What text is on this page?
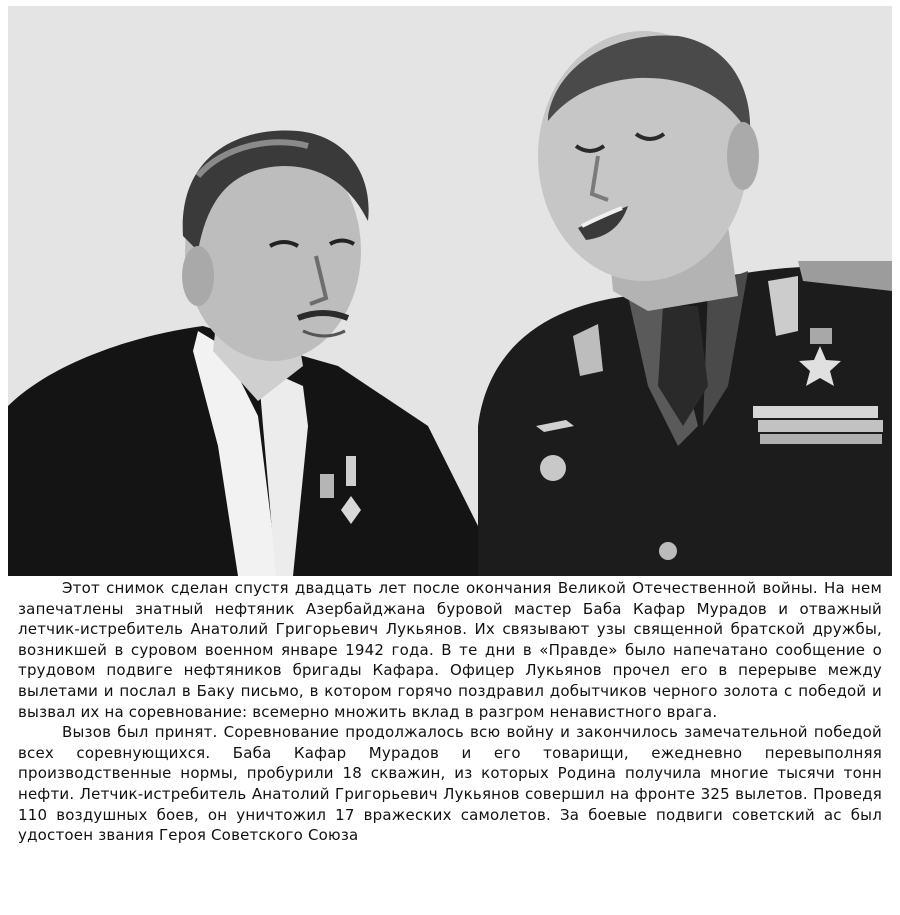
Этот снимок сделан спустя двадцать лет после окончания Великой Отечественной войны. На нем запечатлены знатный нефтяник Азербайджана буровой мастер Баба Кафар Мурадов и отважный летчик-истребитель Анатолий Григорьевич Лукьянов. Их связывают узы священной братской дружбы, возникшей в суровом военном январе 1942 года. В те дни в «Правде» было напечатано сообщение о трудовом подвиге нефтяников бригады Кафара. Офицер Лукьянов прочел его в перерыве между вылетами и послал в Баку письмо, в котором горячо поздравил добытчиков черного золота с победой и вызвал их на соревнование: всемерно множить вклад в разгром ненавистного врага.

Вызов был принят. Соревнование продолжалось всю войну и закончилось замечательной победой всех соревнующихся. Баба Кафар Мурадов и его товарищи, ежедневно перевыполняя производственные нормы, пробурили 18 скважин, из которых Родина получила многие тысячи тонн нефти. Летчик-истребитель Анатолий Григорьевич Лукьянов совершил на фронте 325 вылетов. Проведя 110 воздушных боев, он уничтожил 17 вражеских самолетов. За боевые подвиги советский ас был удостоен звания Героя Советского Союза
